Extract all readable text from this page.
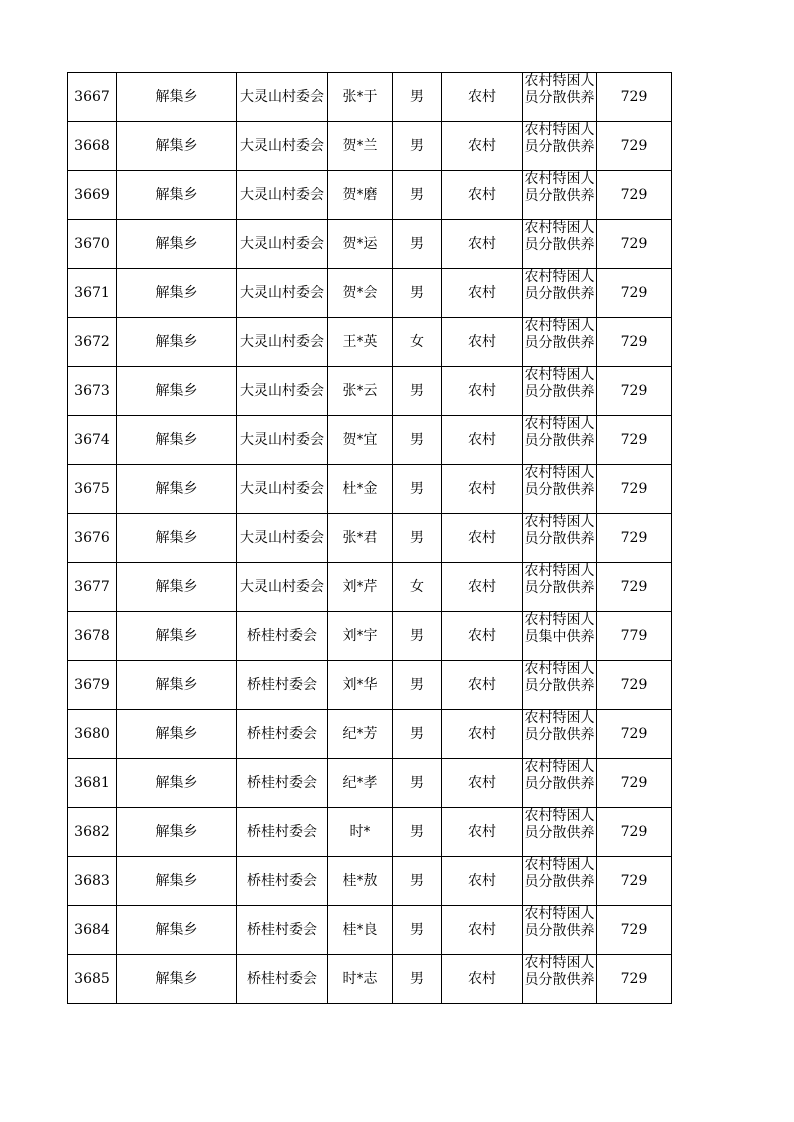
3667	解集乡	大灵山村委会	张*于	男	农村	农村特困人员分散供养	729
3668	解集乡	大灵山村委会	贺*兰	男	农村	农村特困人员分散供养	729
3669	解集乡	大灵山村委会	贺*磨	男	农村	农村特困人员分散供养	729
3670	解集乡	大灵山村委会	贺*运	男	农村	农村特困人员分散供养	729
3671	解集乡	大灵山村委会	贺*会	男	农村	农村特困人员分散供养	729
3672	解集乡	大灵山村委会	王*英	女	农村	农村特困人员分散供养	729
3673	解集乡	大灵山村委会	张*云	男	农村	农村特困人员分散供养	729
3674	解集乡	大灵山村委会	贺*宜	男	农村	农村特困人员分散供养	729
3675	解集乡	大灵山村委会	杜*金	男	农村	农村特困人员分散供养	729
3676	解集乡	大灵山村委会	张*君	男	农村	农村特困人员分散供养	729
3677	解集乡	大灵山村委会	刘*芹	女	农村	农村特困人员分散供养	729
3678	解集乡	桥桂村委会	刘*宇	男	农村	农村特困人员集中供养	779
3679	解集乡	桥桂村委会	刘*华	男	农村	农村特困人员分散供养	729
3680	解集乡	桥桂村委会	纪*芳	男	农村	农村特困人员分散供养	729
3681	解集乡	桥桂村委会	纪*孝	男	农村	农村特困人员分散供养	729
3682	解集乡	桥桂村委会	时*	男	农村	农村特困人员分散供养	729
3683	解集乡	桥桂村委会	桂*敖	男	农村	农村特困人员分散供养	729
3684	解集乡	桥桂村委会	桂*良	男	农村	农村特困人员分散供养	729
3685	解集乡	桥桂村委会	时*志	男	农村	农村特困人员分散供养	729
